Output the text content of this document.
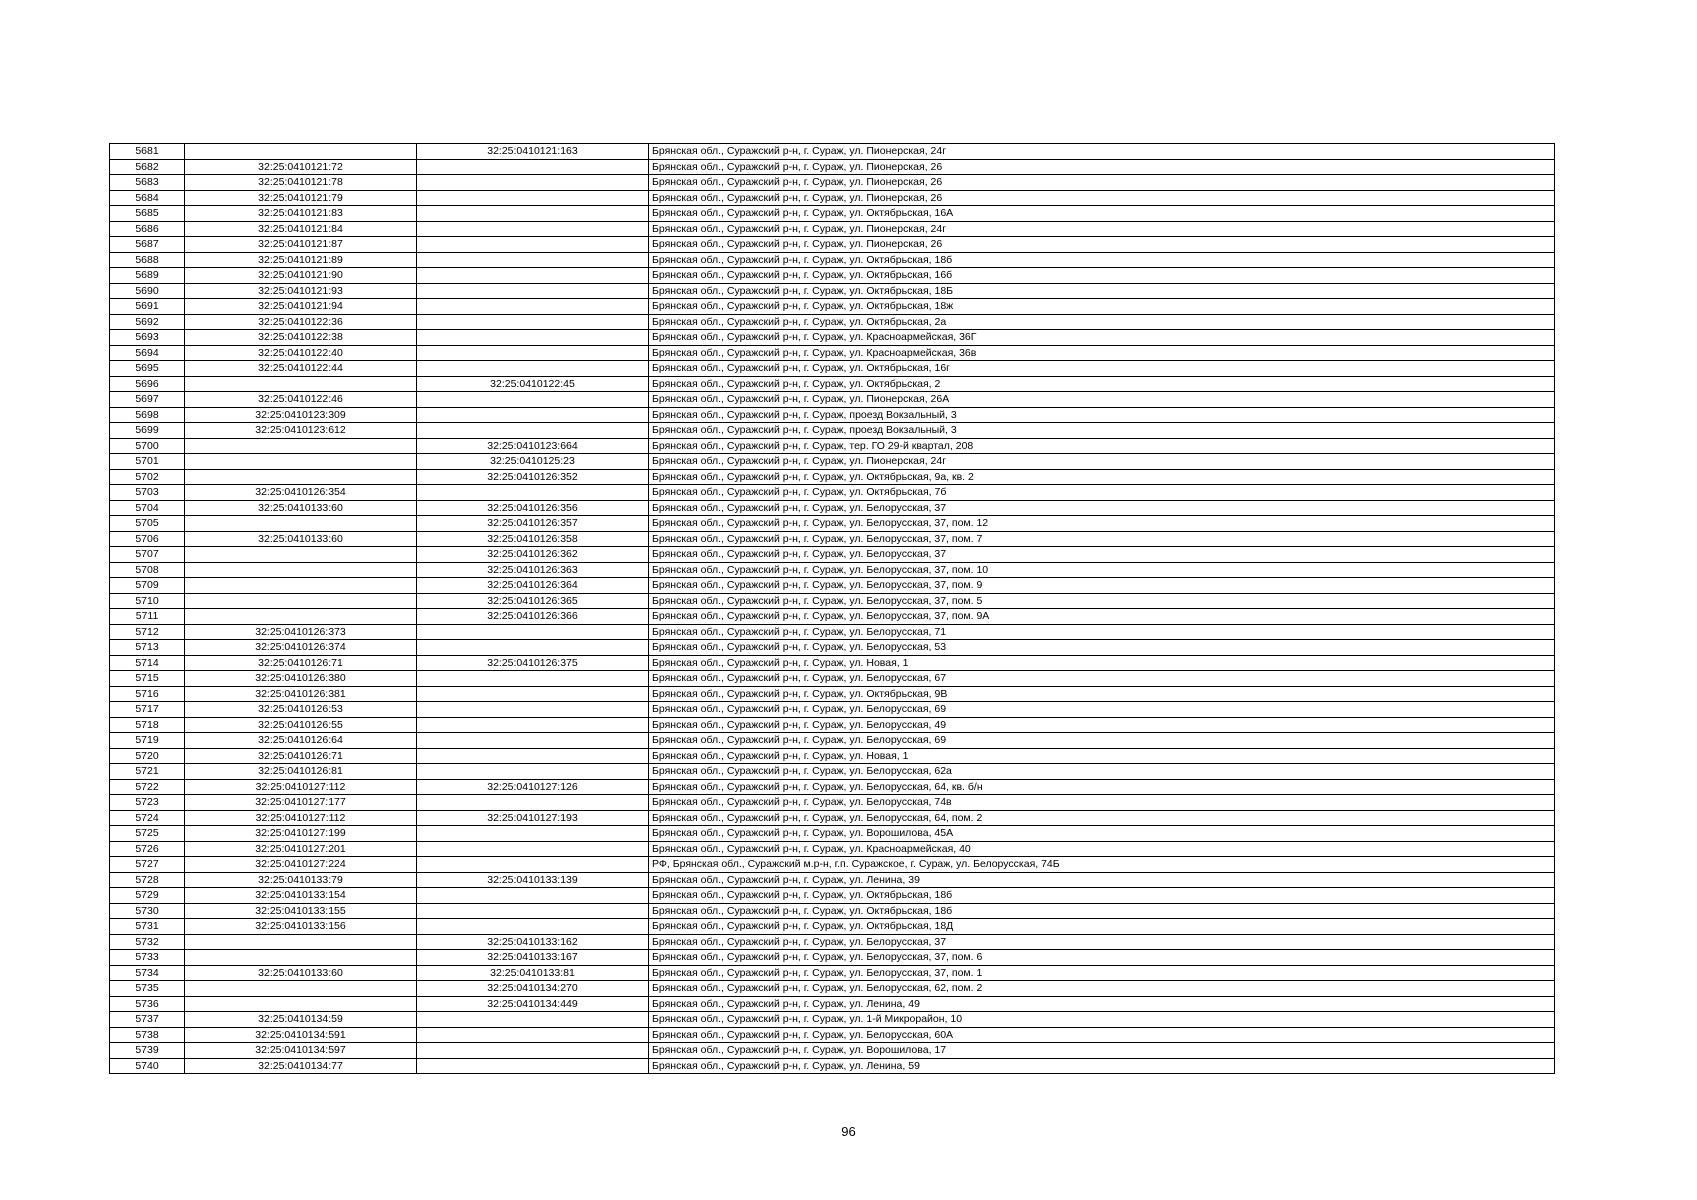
5681		32:25:0410121:163	Брянская обл., Суражский р-н, г. Сураж, ул. Пионерская, 24г
5682	32:25:0410121:72		Брянская обл., Суражский р-н, г. Сураж, ул. Пионерская, 26
5683	32:25:0410121:78		Брянская обл., Суражский р-н, г. Сураж, ул. Пионерская, 26
5684	32:25:0410121:79		Брянская обл., Суражский р-н, г. Сураж, ул. Пионерская, 26
5685	32:25:0410121:83		Брянская обл., Суражский р-н, г. Сураж, ул. Октябрьская, 16А
5686	32:25:0410121:84		Брянская обл., Суражский р-н, г. Сураж, ул. Пионерская, 24г
5687	32:25:0410121:87		Брянская обл., Суражский р-н, г. Сураж, ул. Пионерская, 26
5688	32:25:0410121:89		Брянская обл., Суражский р-н, г. Сураж, ул. Октябрьская, 18б
5689	32:25:0410121:90		Брянская обл., Суражский р-н, г. Сураж, ул. Октябрьская, 16б
5690	32:25:0410121:93		Брянская обл., Суражский р-н, г. Сураж, ул. Октябрьская, 18Б
5691	32:25:0410121:94		Брянская обл., Суражский р-н, г. Сураж, ул. Октябрьская, 18ж
5692	32:25:0410122:36		Брянская обл., Суражский р-н, г. Сураж, ул. Октябрьская, 2а
5693	32:25:0410122:38		Брянская обл., Суражский р-н, г. Сураж, ул. Красноармейская, 36Г
5694	32:25:0410122:40		Брянская обл., Суражский р-н, г. Сураж, ул. Красноармейская, 36в
5695	32:25:0410122:44		Брянская обл., Суражский р-н, г. Сураж, ул. Октябрьская, 16г
5696		32:25:0410122:45	Брянская обл., Суражский р-н, г. Сураж, ул. Октябрьская, 2
5697	32:25:0410122:46		Брянская обл., Суражский р-н, г. Сураж, ул. Пионерская, 26А
5698	32:25:0410123:309		Брянская обл., Суражский р-н, г. Сураж, проезд Вокзальный, 3
5699	32:25:0410123:612		Брянская обл., Суражский р-н, г. Сураж, проезд Вокзальный, 3
5700		32:25:0410123:664	Брянская обл., Суражский р-н, г. Сураж, тер. ГО 29-й квартал, 208
5701		32:25:0410125:23	Брянская обл., Суражский р-н, г. Сураж, ул. Пионерская, 24г
5702		32:25:0410126:352	Брянская обл., Суражский р-н, г. Сураж, ул. Октябрьская, 9а, кв. 2
5703	32:25:0410126:354		Брянская обл., Суражский р-н, г. Сураж, ул. Октябрьская, 7б
5704	32:25:0410133:60	32:25:0410126:356	Брянская обл., Суражский р-н, г. Сураж, ул. Белорусская, 37
5705		32:25:0410126:357	Брянская обл., Суражский р-н, г. Сураж, ул. Белорусская, 37, пом. 12
5706	32:25:0410133:60	32:25:0410126:358	Брянская обл., Суражский р-н, г. Сураж, ул. Белорусская, 37, пом. 7
5707		32:25:0410126:362	Брянская обл., Суражский р-н, г. Сураж, ул. Белорусская, 37
5708		32:25:0410126:363	Брянская обл., Суражский р-н, г. Сураж, ул. Белорусская, 37, пом. 10
5709		32:25:0410126:364	Брянская обл., Суражский р-н, г. Сураж, ул. Белорусская, 37, пом. 9
5710		32:25:0410126:365	Брянская обл., Суражский р-н, г. Сураж, ул. Белорусская, 37, пом. 5
5711		32:25:0410126:366	Брянская обл., Суражский р-н, г. Сураж, ул. Белорусская, 37, пом. 9А
5712	32:25:0410126:373		Брянская обл., Суражский р-н, г. Сураж, ул. Белорусская, 71
5713	32:25:0410126:374		Брянская обл., Суражский р-н, г. Сураж, ул. Белорусская, 53
5714	32:25:0410126:71	32:25:0410126:375	Брянская обл., Суражский р-н, г. Сураж, ул. Новая, 1
5715	32:25:0410126:380		Брянская обл., Суражский р-н, г. Сураж, ул. Белорусская, 67
5716	32:25:0410126:381		Брянская обл., Суражский р-н, г. Сураж, ул. Октябрьская, 9В
5717	32:25:0410126:53		Брянская обл., Суражский р-н, г. Сураж, ул. Белорусская, 69
5718	32:25:0410126:55		Брянская обл., Суражский р-н, г. Сураж, ул. Белорусская, 49
5719	32:25:0410126:64		Брянская обл., Суражский р-н, г. Сураж, ул. Белорусская, 69
5720	32:25:0410126:71		Брянская обл., Суражский р-н, г. Сураж, ул. Новая, 1
5721	32:25:0410126:81		Брянская обл., Суражский р-н, г. Сураж, ул. Белорусская, 62а
5722	32:25:0410127:112	32:25:0410127:126	Брянская обл., Суражский р-н, г. Сураж, ул. Белорусская, 64, кв. б/н
5723	32:25:0410127:177		Брянская обл., Суражский р-н, г. Сураж, ул. Белорусская, 74в
5724	32:25:0410127:112	32:25:0410127:193	Брянская обл., Суражский р-н, г. Сураж, ул. Белорусская, 64, пом. 2
5725	32:25:0410127:199		Брянская обл., Суражский р-н, г. Сураж, ул. Ворошилова, 45А
5726	32:25:0410127:201		Брянская обл., Суражский р-н, г. Сураж, ул. Красноармейская, 40
5727	32:25:0410127:224		РФ, Брянская обл., Суражский м.р-н, г.п. Суражское, г. Сураж, ул. Белорусская, 74Б
5728	32:25:0410133:79	32:25:0410133:139	Брянская обл., Суражский р-н, г. Сураж, ул. Ленина, 39
5729	32:25:0410133:154		Брянская обл., Суражский р-н, г. Сураж, ул. Октябрьская, 18б
5730	32:25:0410133:155		Брянская обл., Суражский р-н, г. Сураж, ул. Октябрьская, 18б
5731	32:25:0410133:156		Брянская обл., Суражский р-н, г. Сураж, ул. Октябрьская, 18Д
5732		32:25:0410133:162	Брянская обл., Суражский р-н, г. Сураж, ул. Белорусская, 37
5733		32:25:0410133:167	Брянская обл., Суражский р-н, г. Сураж, ул. Белорусская, 37, пом. 6
5734	32:25:0410133:60	32:25:0410133:81	Брянская обл., Суражский р-н, г. Сураж, ул. Белорусская, 37, пом. 1
5735		32:25:0410134:270	Брянская обл., Суражский р-н, г. Сураж, ул. Белорусская, 62, пом. 2
5736		32:25:0410134:449	Брянская обл., Суражский р-н, г. Сураж, ул. Ленина, 49
5737	32:25:0410134:59		Брянская обл., Суражский р-н, г. Сураж, ул. 1-й Микрорайон, 10
5738	32:25:0410134:591		Брянская обл., Суражский р-н, г. Сураж, ул. Белорусская, 60А
5739	32:25:0410134:597		Брянская обл., Суражский р-н, г. Сураж, ул. Ворошилова, 17
5740	32:25:0410134:77		Брянская обл., Суражский р-н, г. Сураж, ул. Ленина, 59
96
